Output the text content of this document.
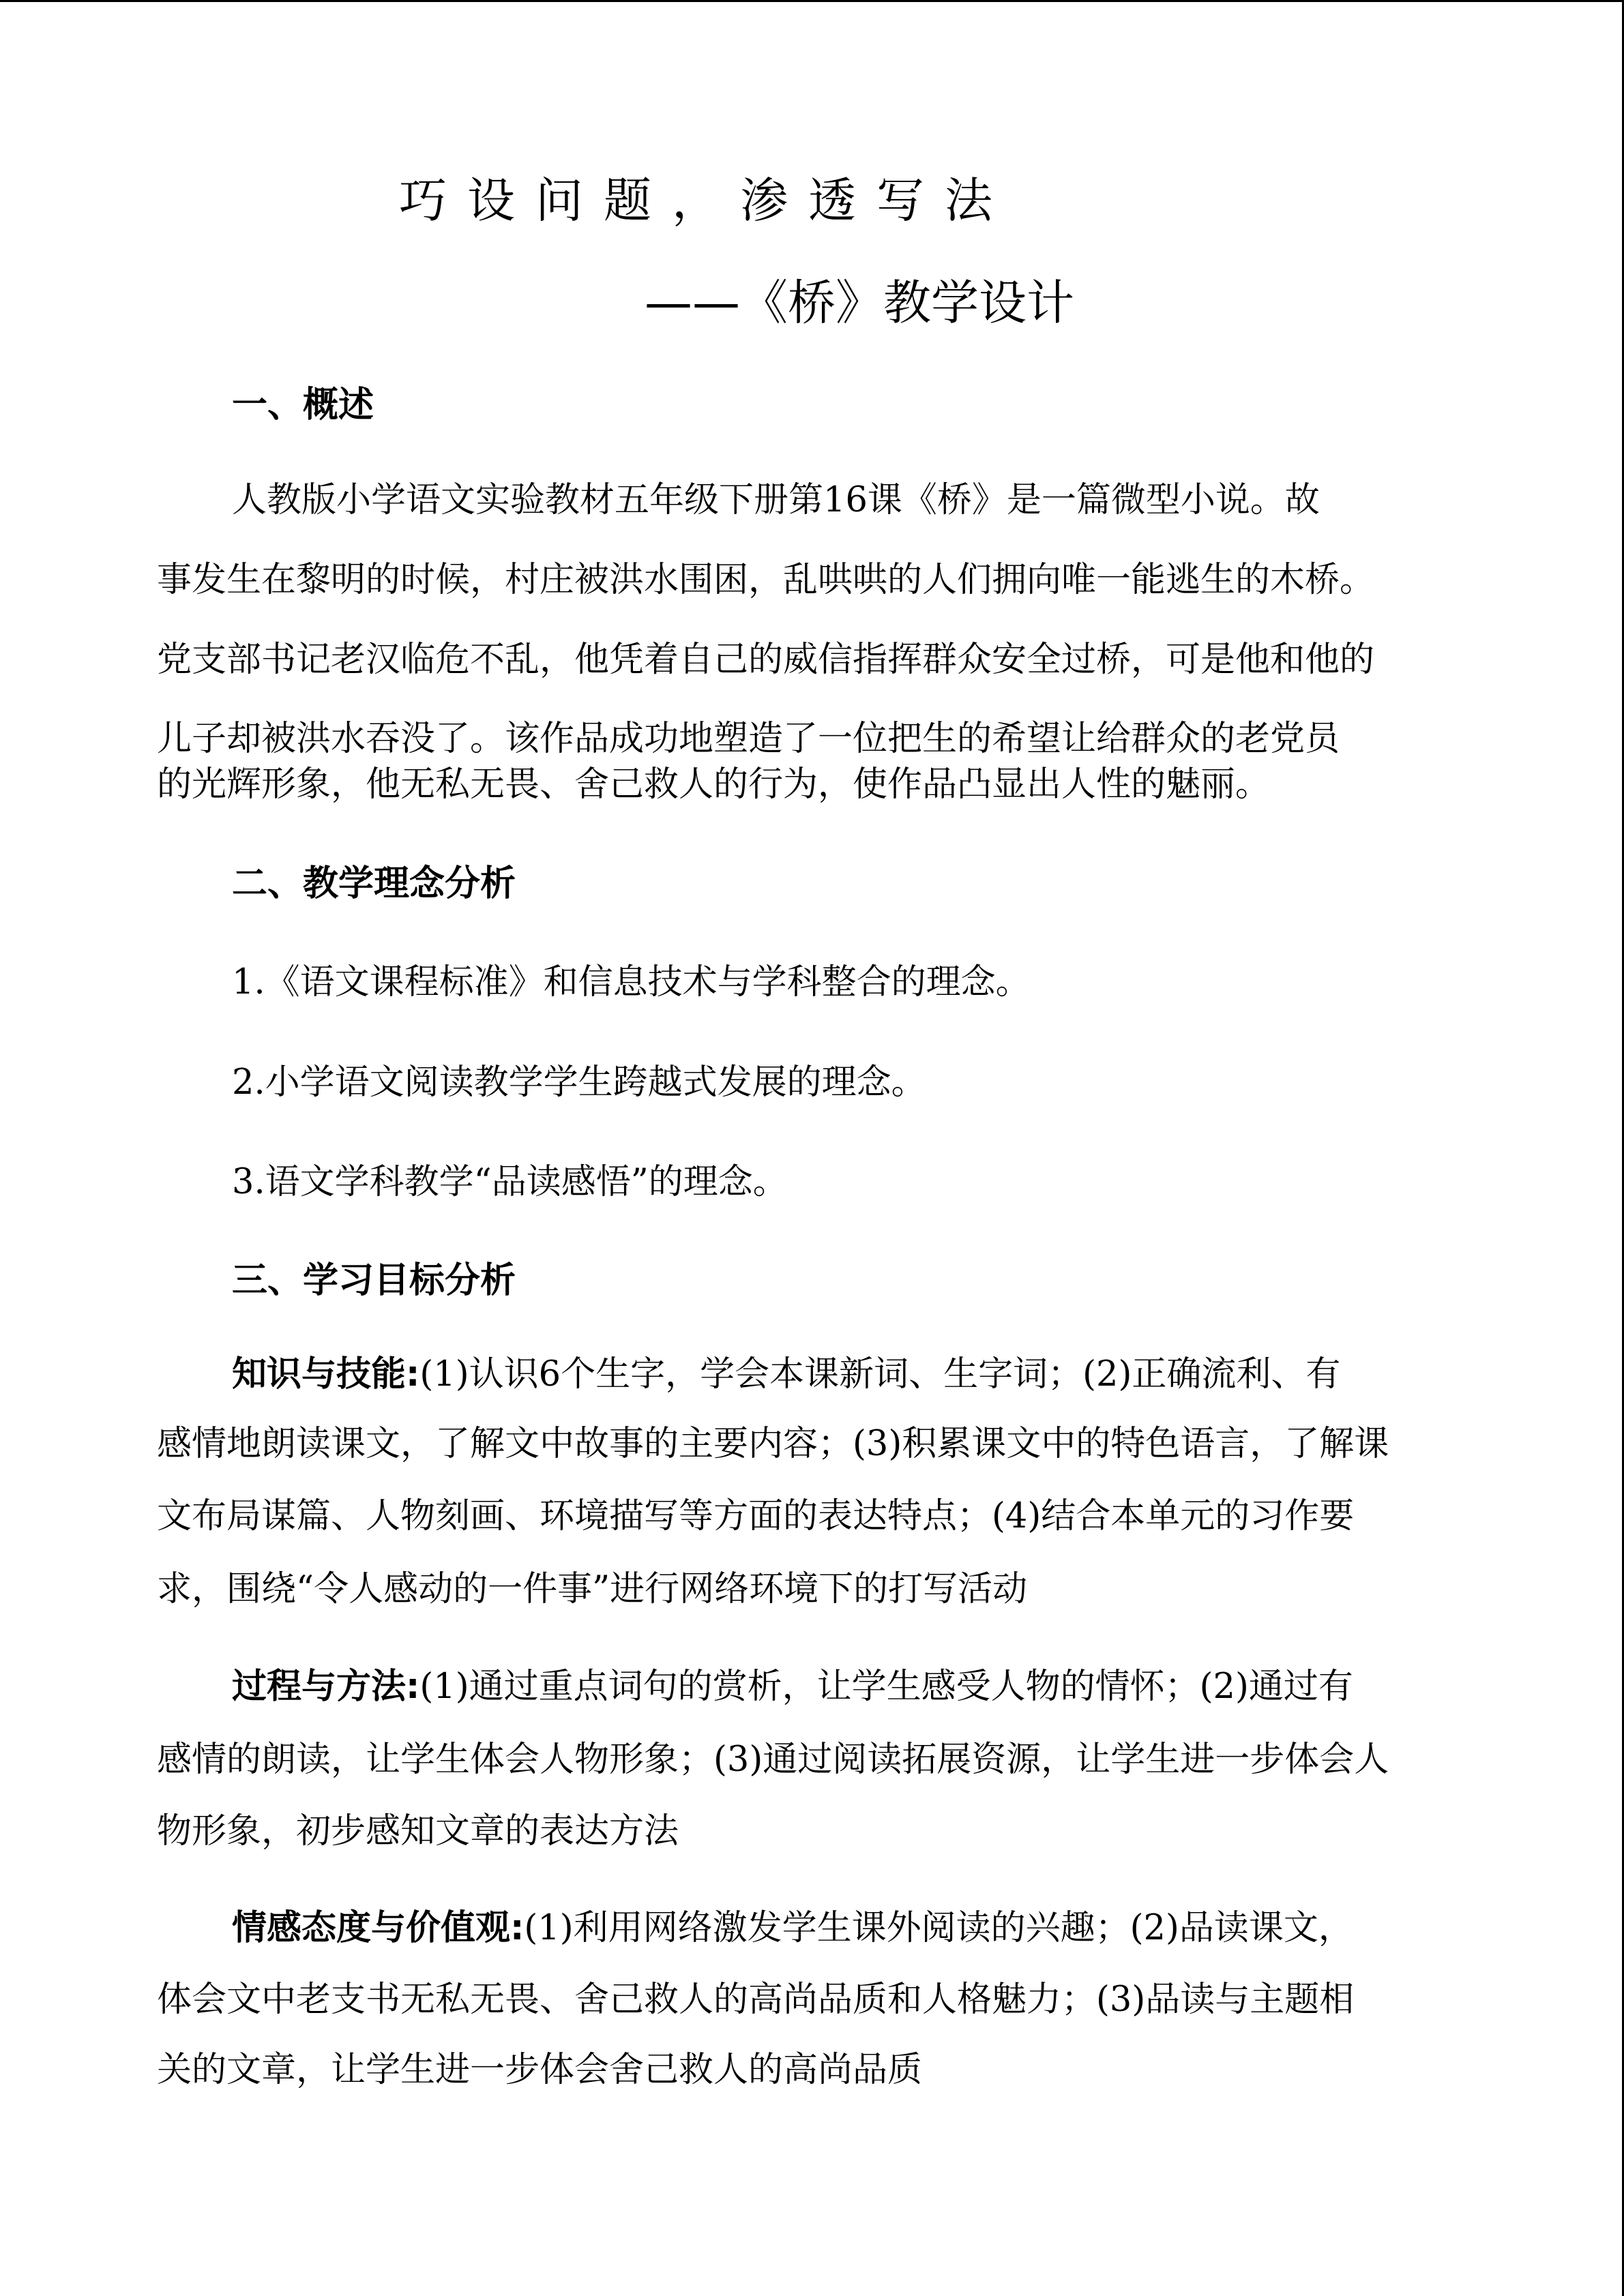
巧设问题，渗透写法
——《桥》教学设计
一、概述
人教版小学语文实验教材五年级下册第16课《桥》是一篇微型小说。故
事发生在黎明的时候，村庄被洪水围困，乱哄哄的人们拥向唯一能逃生的木桥。
党支部书记老汉临危不乱，他凭着自己的威信指挥群众安全过桥，可是他和他的
儿子却被洪水吞没了。该作品成功地塑造了一位把生的希望让给群众的老党员
的光辉形象，他无私无畏、舍己救人的行为，使作品凸显出人性的魅丽。
二、教学理念分析
1.《语文课程标准》和信息技术与学科整合的理念。
2.小学语文阅读教学学生跨越式发展的理念。
3.语文学科教学“品读感悟”的理念。
三、学习目标分析
知识与技能:(1)认识6个生字，学会本课新词、生字词；(2)正确流利、有
感情地朗读课文，了解文中故事的主要内容；(3)积累课文中的特色语言，了解课
文布局谋篇、人物刻画、环境描写等方面的表达特点；(4)结合本单元的习作要
求，围绕“令人感动的一件事”进行网络环境下的打写活动
过程与方法:(1)通过重点词句的赏析，让学生感受人物的情怀；(2)通过有
感情的朗读，让学生体会人物形象；(3)通过阅读拓展资源，让学生进一步体会人
物形象，初步感知文章的表达方法
情感态度与价值观:(1)利用网络激发学生课外阅读的兴趣；(2)品读课文，
体会文中老支书无私无畏、舍己救人的高尚品质和人格魅力；(3)品读与主题相
关的文章，让学生进一步体会舍己救人的高尚品质
